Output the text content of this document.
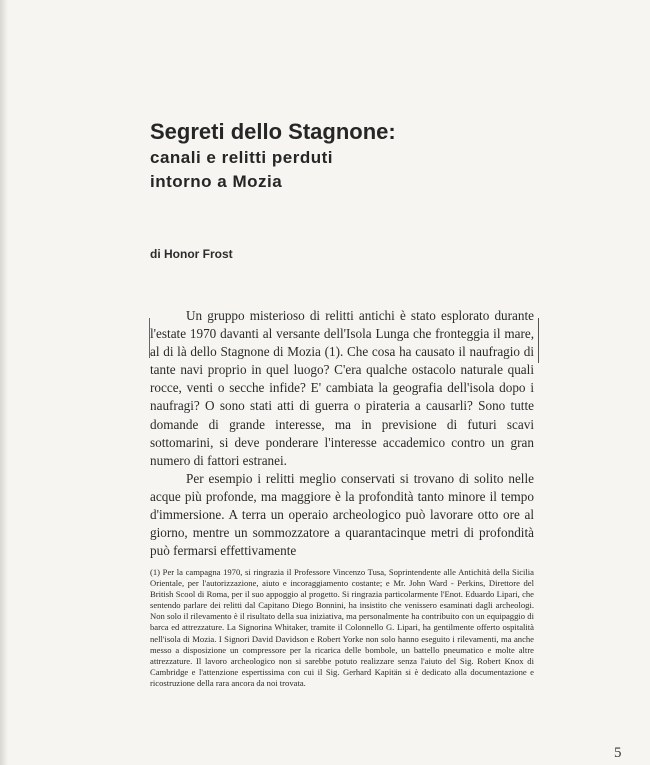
Segreti dello Stagnone:
canali e relitti perduti
intorno a Mozia
di Honor Frost

Un gruppo misterioso di relitti antichi è stato esplorato durante l'estate 1970 davanti al versante dell'Isola Lunga che fronteggia il mare, al di là dello Stagnone di Mozia (1). Che cosa ha causato il naufragio di tante navi proprio in quel luogo? C'era qualche ostacolo naturale quali rocce, venti o secche infide? E' cambiata la geografia dell'isola dopo i naufragi? O sono stati atti di guerra o pirateria a causarli? Sono tutte domande di grande interesse, ma in previsione di futuri scavi sottomarini, si deve ponderare l'interesse accademico contro un gran numero di fattori estranei.

Per esempio i relitti meglio conservati si trovano di solito nelle acque più profonde, ma maggiore è la profondità tanto minore il tempo d'immersione. A terra un operaio archeologico può lavorare otto ore al giorno, mentre un sommozzatore a quarantacinque metri di profondità può fermarsi effettivamente

(1) Per la campagna 1970, si ringrazia il Professore Vincenzo Tusa, Soprintendente alle Antichità della Sicilia Orientale, per l'autorizzazione, aiuto e incoraggiamento costante; e Mr. John Ward - Perkins, Direttore del British Scool di Roma, per il suo appoggio al progetto. Si ringrazia particolarmente l'Enot. Eduardo Lipari, che sentendo parlare dei relitti dal Capitano Diego Bonnini, ha insistito che venissero esaminati dagli archeologi. Non solo il rilevamento è il risultato della sua iniziativa, ma personalmente ha contribuito con un equipaggio di barca ed attrezzature. La Signorina Whitaker, tramite il Colonnello G. Lipari, ha gentilmente offerto ospitalità nell'isola di Mozia. I Signori David Davidson e Robert Yorke non solo hanno eseguito i rilevamenti, ma anche messo a disposizione un compressore per la ricarica delle bombole, un battello pneumatico e molte altre attrezzature. Il lavoro archeologico non si sarebbe potuto realizzare senza l'aiuto del Sig. Robert Knox di Cambridge e l'attenzione espertissima con cui il Sig. Gerhard Kapitän si è dedicato alla documentazione e ricostruzione della rara ancora da noi trovata.

5
